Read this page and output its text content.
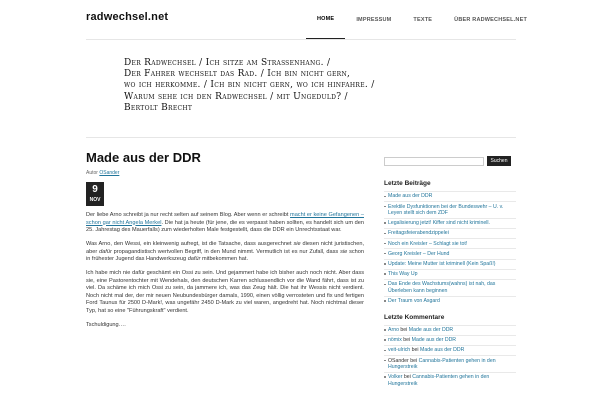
radwechsel.net	HOME	IMPRESSUM	TEXTE	ÜBER RADWECHSEL.NET
Der Radwechsel / Ich sitze am Straßenhang. /
Der Fahrer wechselt das Rad. / Ich bin nicht gern,
wo ich herkomme. / Ich bin nicht gern, wo ich hinfahre. /
Warum sehe ich den Radwechsel / mit Ungeduld? /
Bertolt Brecht
Made aus der DDR
Autor OSander
9
NOV

Der liebe Arno schreibt ja nur recht selten auf seinem Blog. Aber wenn er schreibt macht er keine Gefangenen – schon gar nicht Angela Merkel. Die hat ja heute (für jene, die es verpasst haben sollten, es handelt sich um den 25. Jahrestag des Mauerfalls) zum wiederholten Male festgestellt, dass die DDR ein Unrechtsstaat war.

Was Arno, den Wessi, ein kleinwenig aufregt, ist die Tatsache, dass ausgerechnet sie diesen nicht juristischen, aber dafür propagandistisch wertvollen Begriff, in den Mund nimmt. Vermutlich ist es nur Zufall, dass sie schon in frühester Jugend das Handwerkszeug dafür mitbekommen hat.

Ich habe mich nie dafür geschämt ein Ossi zu sein. Und gejammert habe ich bisher auch noch nicht. Aber dass sie, eine Pastorentochter mit Wendehals, den deutschen Karren schlussendlich vor die Wand fährt, dass ist zu viel. Da schäme ich mich Ossi zu sein, da jammere ich, was das Zeug hält. Die hat ihr Wessis nicht verdient. Noch nicht mal der, der mir neuen Neubundesbürger damals, 1990, einen völlig verrosteten und fix und fertigen Ford Taunus für 2500 D-Mark!, was ungefähr 2450 D-Mark zu viel waren, angedreht hat. Noch nichtmal dieser Typ, hat so eine "Führungskraft" verdient.

Tschuldigung….

Suchen
Letzte Beiträge
Made aus der DDR
Erektile Dysfunktionen bei der Bundeswehr – U. v. Leyen stellt sich dem ZDF
Legalisierung jetzt! Kiffer sind nicht kriminell.
Freitagsfeierabendzippelei
Noch ein Kreisler – Schlagt sie tot!
Georg Kreisler – Der Hund
Update: Meine Mutter ist kriminell (Kein Spaß!)
This Way Up
Das Ende des Wachstums(wahns) ist nah, das Überleben kann beginnen
Der Traum von Asgard
Letzte Kommentare
Arno bei Made aus der DDR
nömix bei Made aus der DDR
veit-ulrich bei Made aus der DDR
OSander bei Cannabis-Patienten gehen in den Hungerstreik
Volker bei Cannabis-Patienten gehen in den Hungerstreik
